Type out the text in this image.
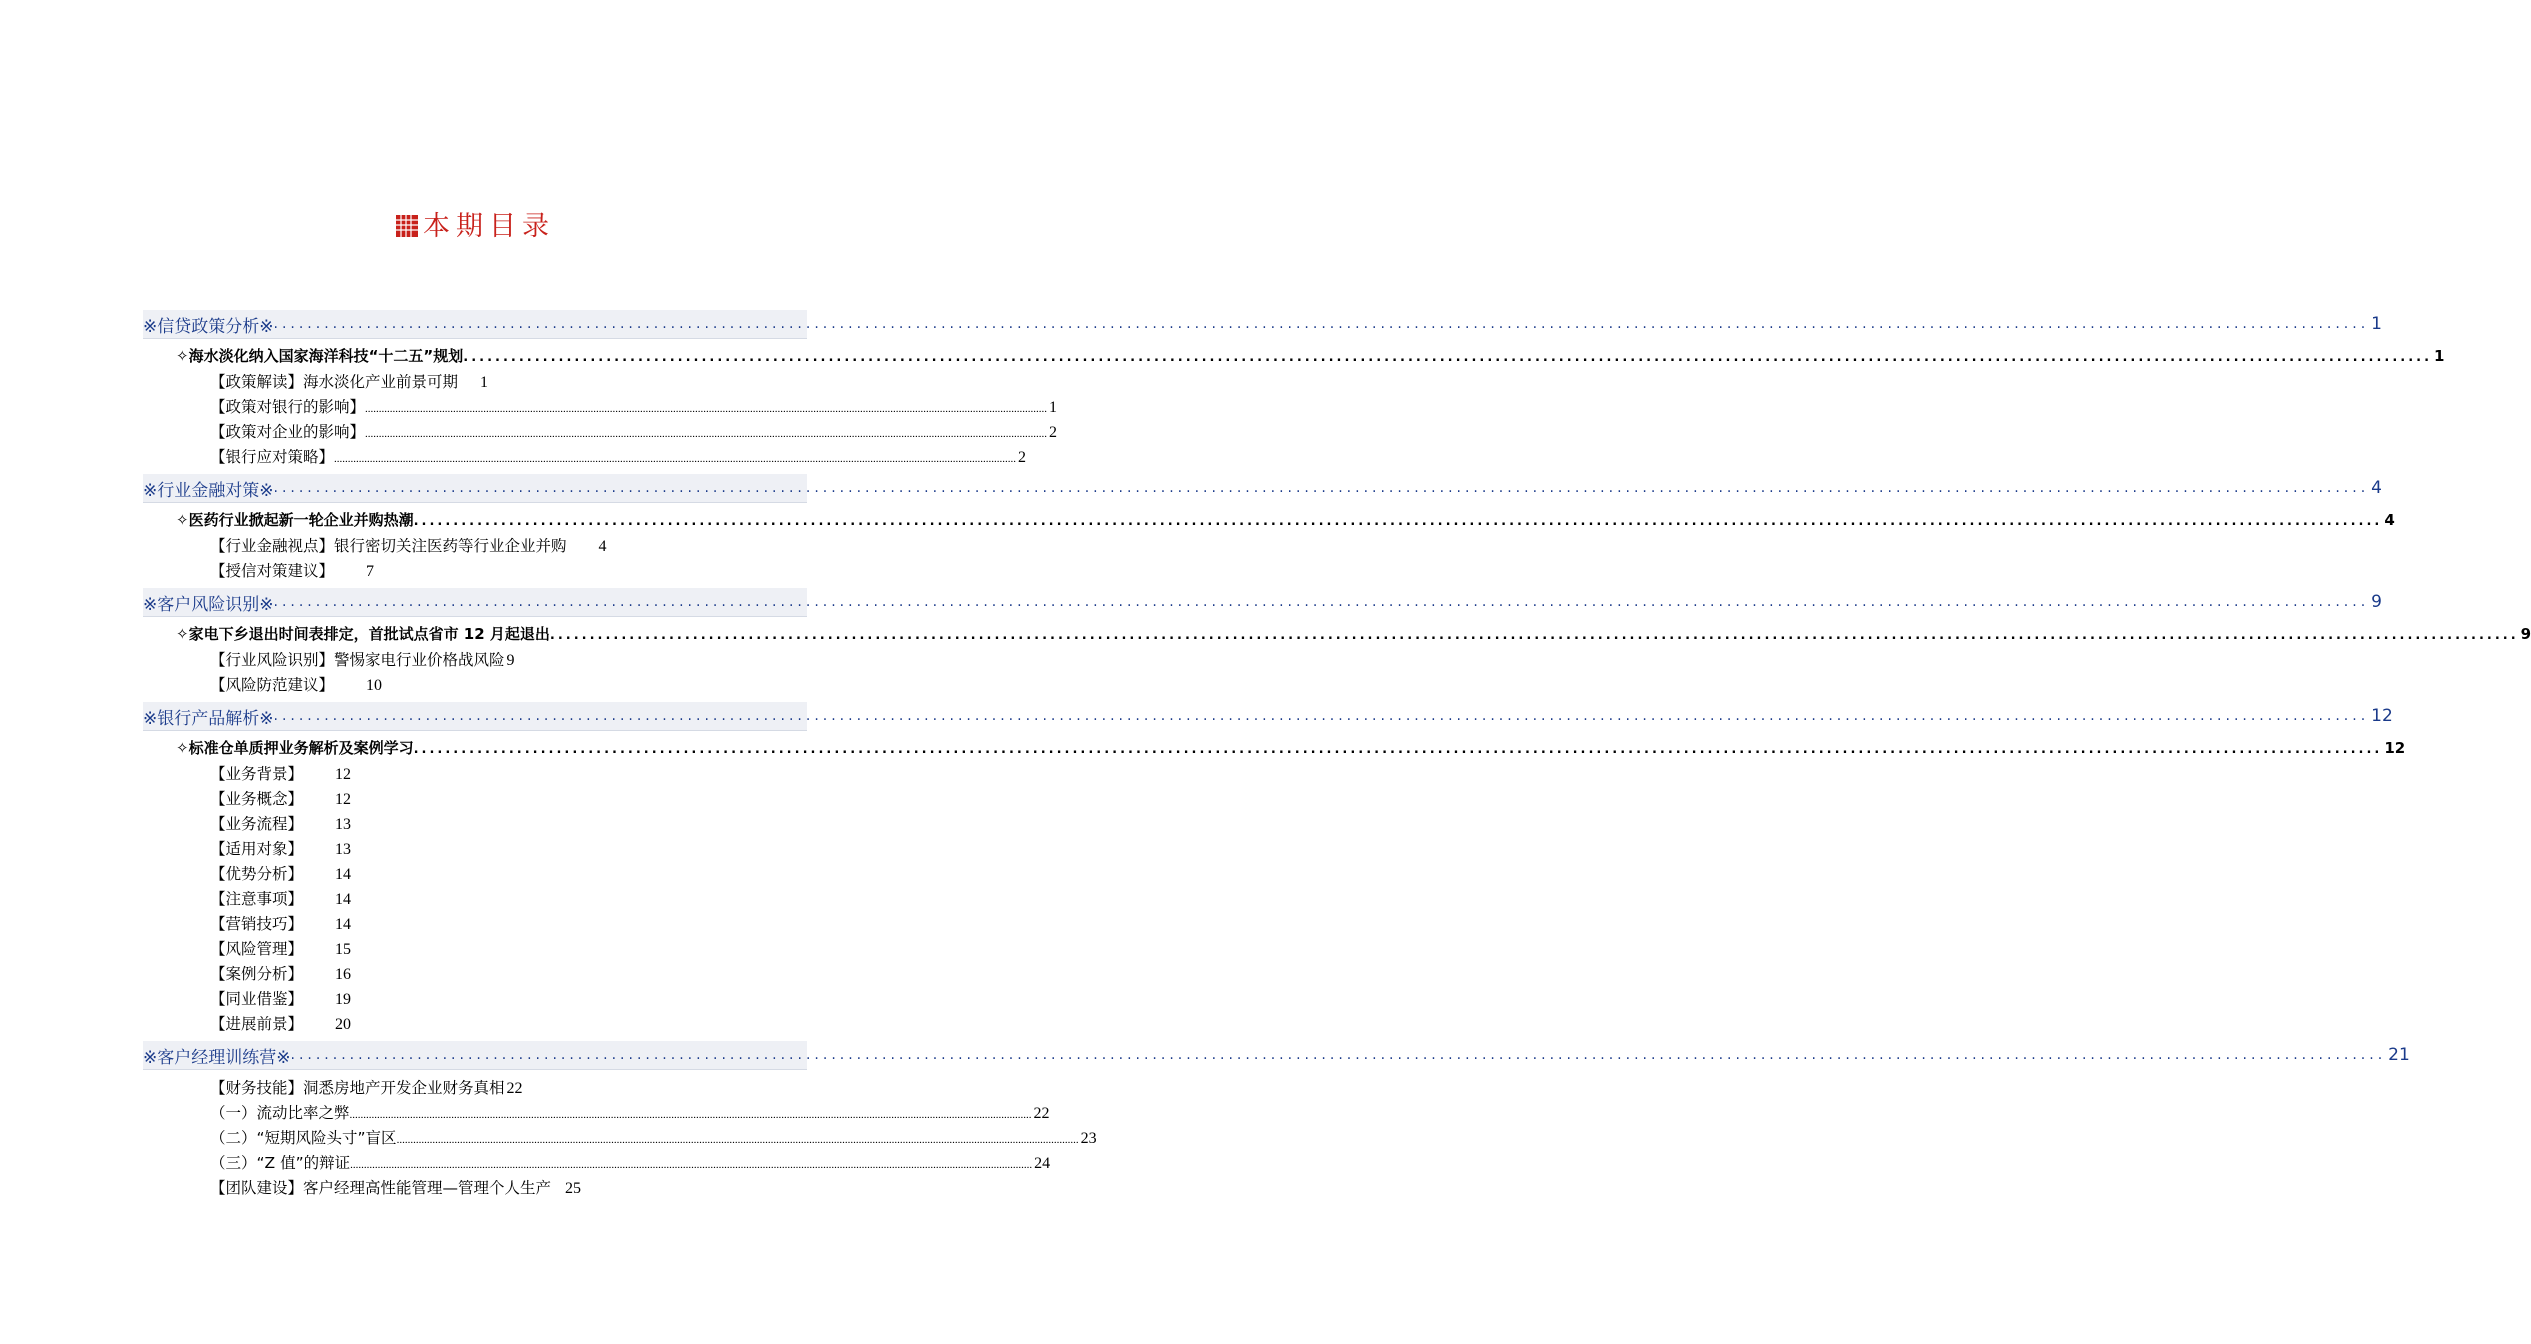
本期目录
※信贷政策分析※ ........................................................................................................................................................................................................................................................ 1
✧海水淡化纳入国家海洋科技“十二五”规划 ........................................................................................................................................................................................................................................................ 1
【政策解读】海水淡化产业前景可期 1
【政策对银行的影响】 ........................................................................................................................................................................................................................................................ 1
【政策对企业的影响】 ........................................................................................................................................................................................................................................................ 2
【银行应对策略】 ........................................................................................................................................................................................................................................................ 2
※行业金融对策※ ........................................................................................................................................................................................................................................................ 4
✧医药行业掀起新一轮企业并购热潮 ........................................................................................................................................................................................................................................................ 4
【行业金融视点】银行密切关注医药等行业企业并购 4
【授信对策建议】 7
※客户风险识别※ ........................................................................................................................................................................................................................................................ 9
✧家电下乡退出时间表排定，首批试点省市 12 月起退出 ........................................................................................................................................................................................................................................................ 9
【行业风险识别】警惕家电行业价格战风险 9
【风险防范建议】 10
※银行产品解析※ ........................................................................................................................................................................................................................................................ 12
✧标准仓单质押业务解析及案例学习 ........................................................................................................................................................................................................................................................ 12
【业务背景】 12
【业务概念】 12
【业务流程】 13
【适用对象】 13
【优势分析】 14
【注意事项】 14
【营销技巧】 14
【风险管理】 15
【案例分析】 16
【同业借鉴】 19
【进展前景】 20
※客户经理训练营※ ........................................................................................................................................................................................................................................................ 21
【财务技能】洞悉房地产开发企业财务真相 22
（一）流动比率之弊 ........................................................................................................................................................................................................................................................ 22
（二）“短期风险头寸”盲区 ........................................................................................................................................................................................................................................................ 23
（三）“Z 值”的辩证 ........................................................................................................................................................................................................................................................ 24
【团队建设】客户经理高性能管理—管理个人生产 25
